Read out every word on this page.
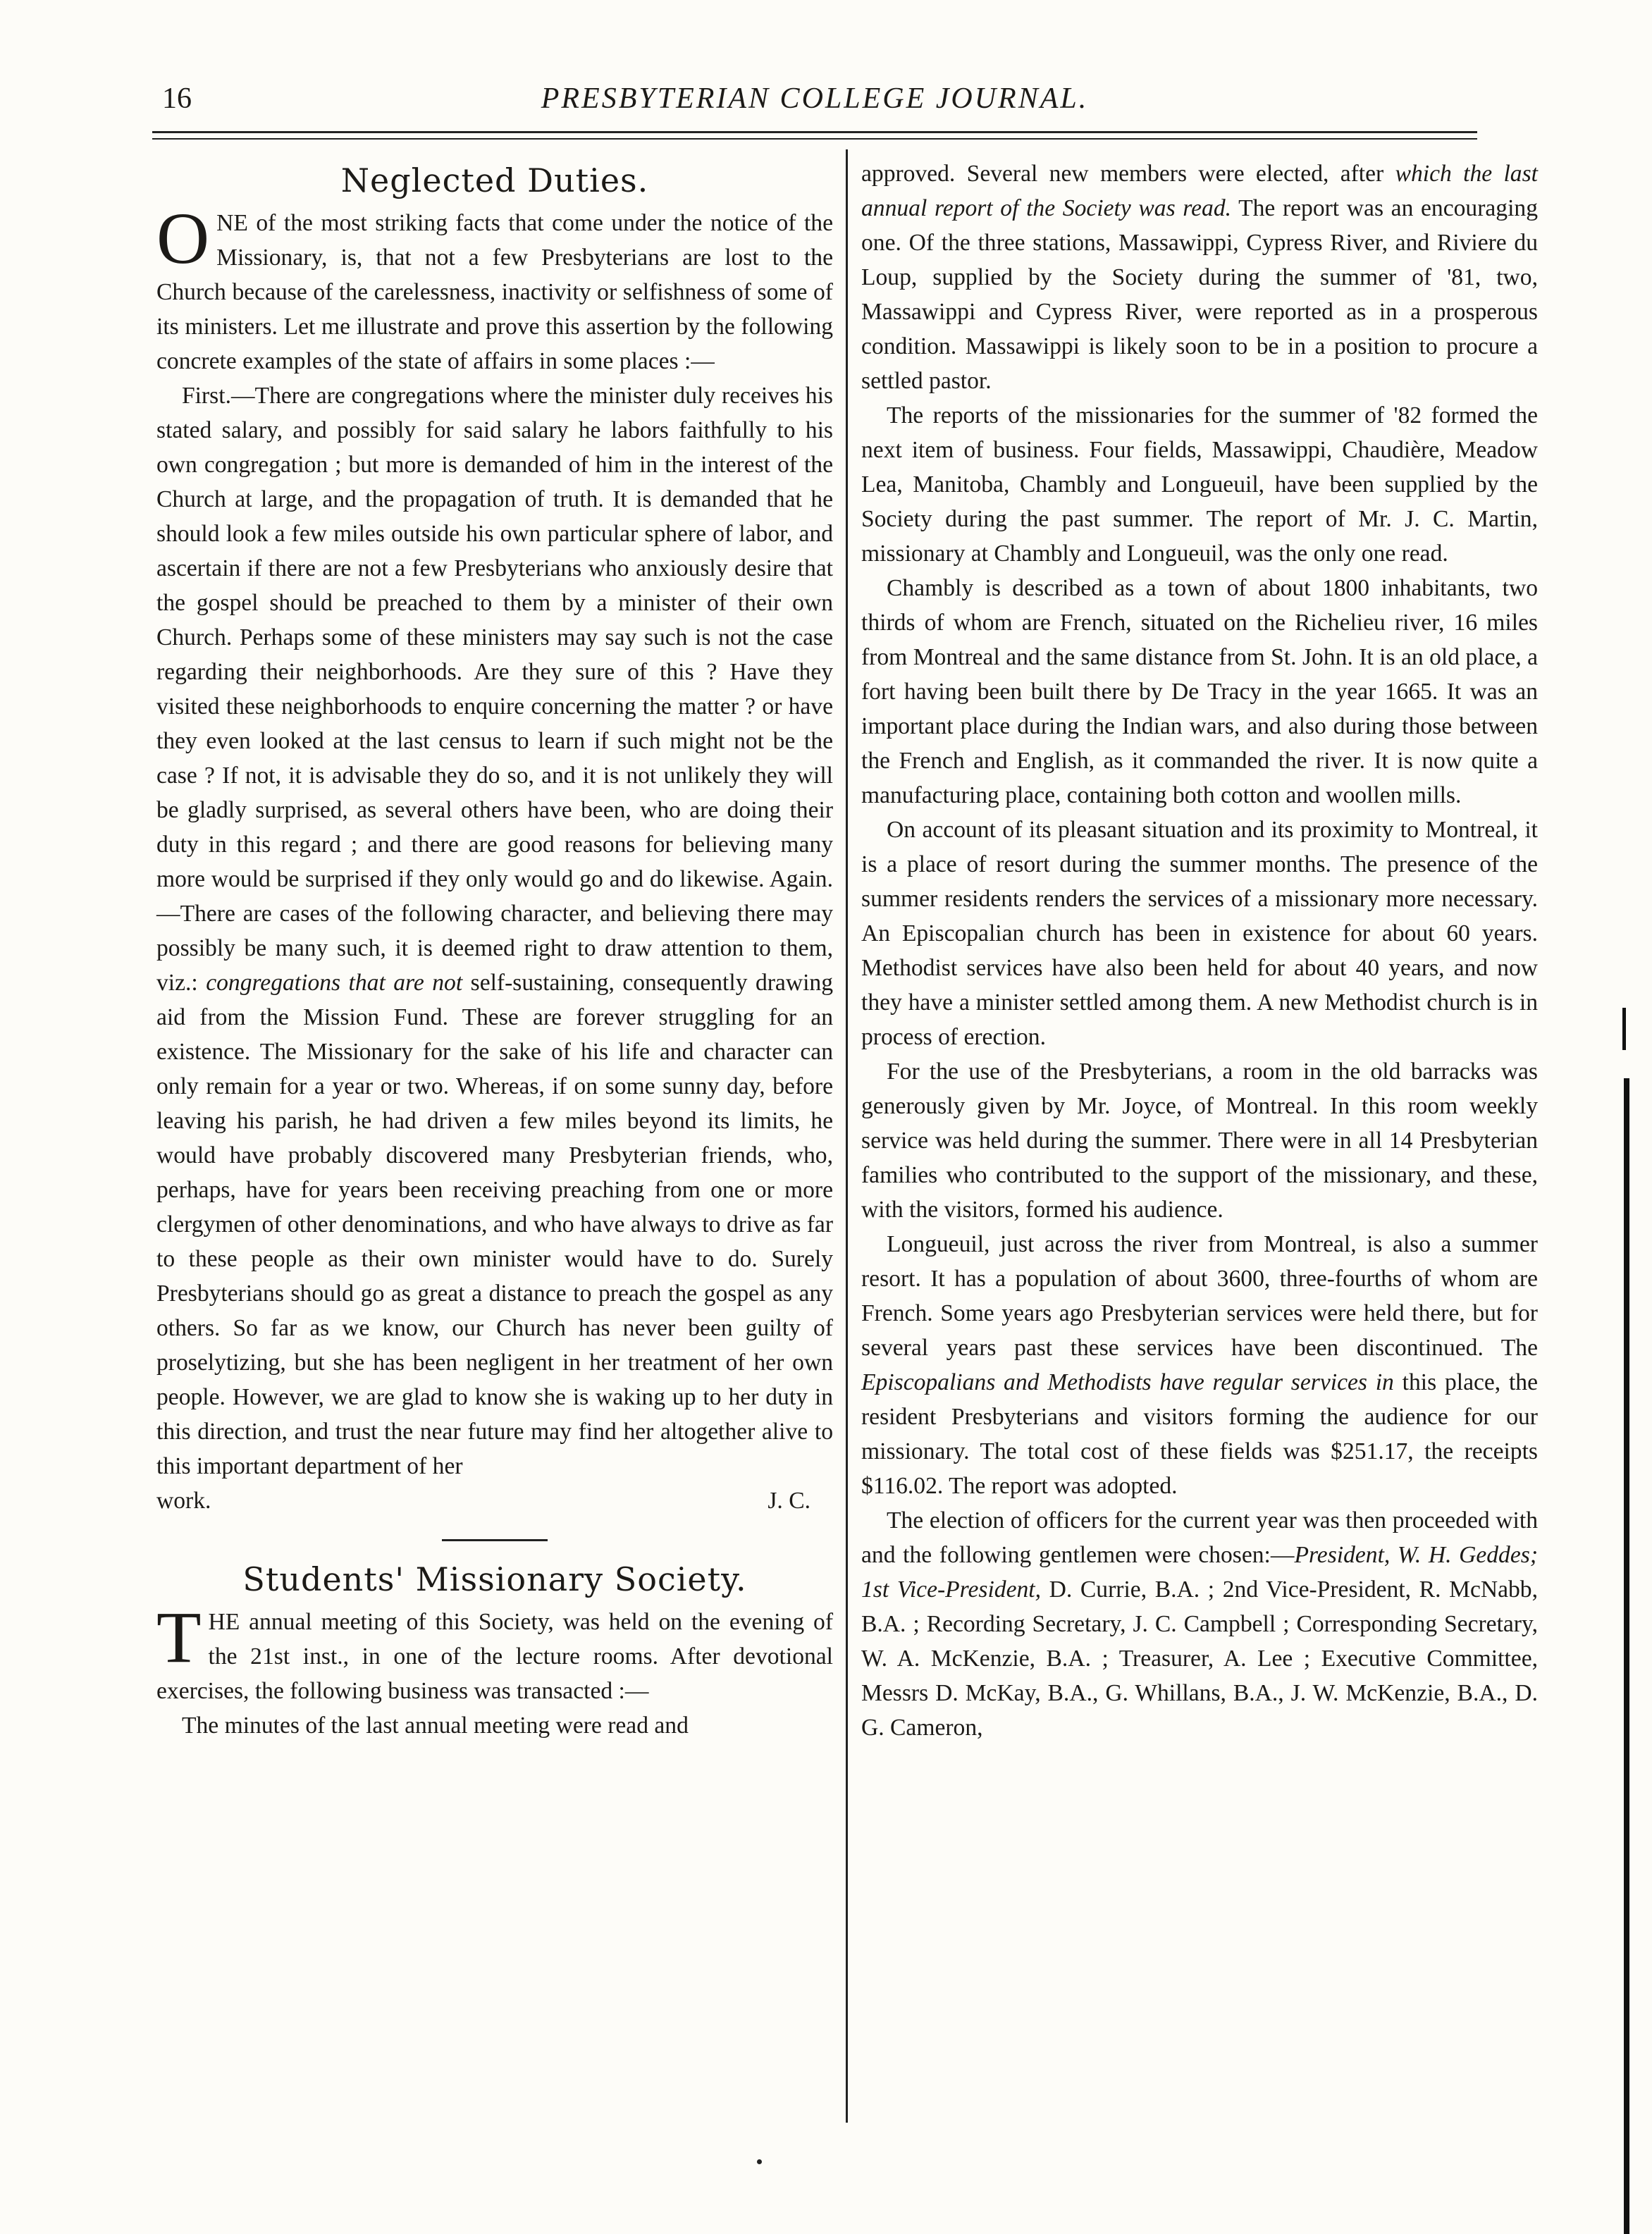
16	PRESBYTERIAN COLLEGE JOURNAL.
Neglected Duties.

ONE of the most striking facts that come under the notice of the Missionary, is, that not a few Presbyterians are lost to the Church because of the carelessness, inactivity or selfishness of some of its ministers. Let me illustrate and prove this assertion by the following concrete examples of the state of affairs in some places :—

First.—There are congregations where the minister duly receives his stated salary, and possibly for said salary he labors faithfully to his own congregation ; but more is demanded of him in the interest of the Church at large, and the propagation of truth. It is demanded that he should look a few miles outside his own particular sphere of labor, and ascertain if there are not a few Presbyterians who anxiously desire that the gospel should be preached to them by a minister of their own Church. Perhaps some of these ministers may say such is not the case regarding their neighborhoods. Are they sure of this ? Have they visited these neighborhoods to enquire concerning the matter ? or have they even looked at the last census to learn if such might not be the case ? If not, it is advisable they do so, and it is not unlikely they will be gladly surprised, as several others have been, who are doing their duty in this regard ; and there are good reasons for believing many more would be surprised if they only would go and do likewise. Again.—There are cases of the following character, and believing there may possibly be many such, it is deemed right to draw attention to them, viz.: congregations that are not self-sustaining, consequently drawing aid from the Mission Fund. These are forever struggling for an existence. The Missionary for the sake of his life and character can only remain for a year or two. Whereas, if on some sunny day, before leaving his parish, he had driven a few miles beyond its limits, he would have probably discovered many Presbyterian friends, who, perhaps, have for years been receiving preaching from one or more clergymen of other denominations, and who have always to drive as far to these people as their own minister would have to do. Surely Presbyterians should go as great a distance to preach the gospel as any others. So far as we know, our Church has never been guilty of proselytizing, but she has been negligent in her treatment of her own people. However, we are glad to know she is waking up to her duty in this direction, and trust the near future may find her altogether alive to this important department of her

work.	J. C.

Students' Missionary Society.

THE annual meeting of this Society, was held on the evening of the 21st inst., in one of the lecture rooms. After devotional exercises, the following business was transacted :—

The minutes of the last annual meeting were read and

approved. Several new members were elected, after which the last annual report of the Society was read. The report was an encouraging one. Of the three stations, Massawippi, Cypress River, and Riviere du Loup, supplied by the Society during the summer of '81, two, Massawippi and Cypress River, were reported as in a prosperous condition. Massawippi is likely soon to be in a position to procure a settled pastor.

The reports of the missionaries for the summer of '82 formed the next item of business. Four fields, Massawippi, Chaudière, Meadow Lea, Manitoba, Chambly and Longueuil, have been supplied by the Society during the past summer. The report of Mr. J. C. Martin, missionary at Chambly and Longueuil, was the only one read.

Chambly is described as a town of about 1800 inhabitants, two thirds of whom are French, situated on the Richelieu river, 16 miles from Montreal and the same distance from St. John. It is an old place, a fort having been built there by De Tracy in the year 1665. It was an important place during the Indian wars, and also during those between the French and English, as it commanded the river. It is now quite a manufacturing place, containing both cotton and woollen mills.

On account of its pleasant situation and its proximity to Montreal, it is a place of resort during the summer months. The presence of the summer residents renders the services of a missionary more necessary. An Episcopalian church has been in existence for about 60 years. Methodist services have also been held for about 40 years, and now they have a minister settled among them. A new Methodist church is in process of erection.

For the use of the Presbyterians, a room in the old barracks was generously given by Mr. Joyce, of Montreal. In this room weekly service was held during the summer. There were in all 14 Presbyterian families who contributed to the support of the missionary, and these, with the visitors, formed his audience.

Longueuil, just across the river from Montreal, is also a summer resort. It has a population of about 3600, three-fourths of whom are French. Some years ago Presbyterian services were held there, but for several years past these services have been discontinued. The Episcopalians and Methodists have regular services in this place, the resident Presbyterians and visitors forming the audience for our missionary. The total cost of these fields was $251.17, the receipts $116.02. The report was adopted.

The election of officers for the current year was then proceeded with and the following gentlemen were chosen:—President, W. H. Geddes; 1st Vice-President, D. Currie, B.A. ; 2nd Vice-President, R. McNabb, B.A. ; Recording Secretary, J. C. Campbell ; Corresponding Secretary, W. A. McKenzie, B.A. ; Treasurer, A. Lee ; Executive Committee, Messrs D. McKay, B.A., G. Whillans, B.A., J. W. McKenzie, B.A., D. G. Cameron,
